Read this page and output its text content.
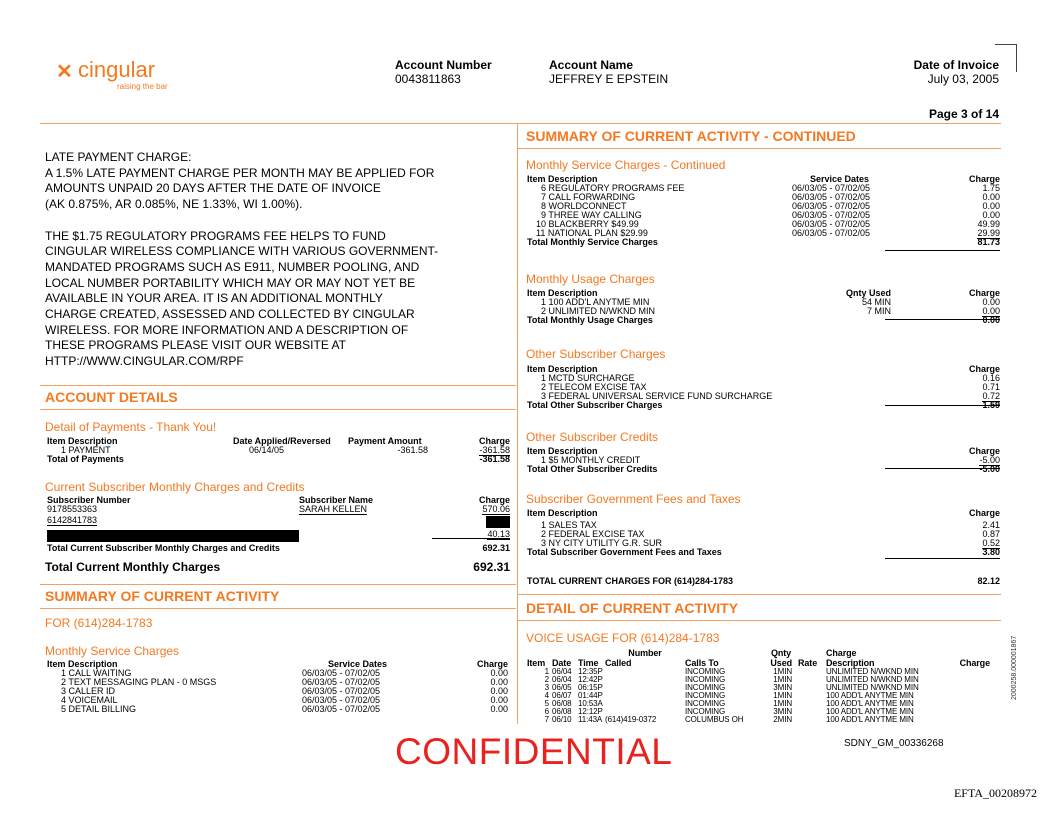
✕ cingular
raising the bar
Account Number
0043811863
Account Name
JEFFREY E EPSTEIN
Date of Invoice
July 03, 2005
Page 3 of 14

LATE PAYMENT CHARGE:

A 1.5% LATE PAYMENT CHARGE PER MONTH MAY BE APPLIED FOR

AMOUNTS UNPAID 20 DAYS AFTER THE DATE OF INVOICE

(AK 0.875%, AR 0.085%, NE 1.33%, WI 1.00%).

THE $1.75 REGULATORY PROGRAMS FEE HELPS TO FUND

CINGULAR WIRELESS COMPLIANCE WITH VARIOUS GOVERNMENT-

MANDATED PROGRAMS SUCH AS E911, NUMBER POOLING, AND

LOCAL NUMBER PORTABILITY WHICH MAY OR MAY NOT YET BE

AVAILABLE IN YOUR AREA. IT IS AN ADDITIONAL MONTHLY

CHARGE CREATED, ASSESSED AND COLLECTED BY CINGULAR

WIRELESS. FOR MORE INFORMATION AND A DESCRIPTION OF

THESE PROGRAMS PLEASE VISIT OUR WEBSITE AT

HTTP://WWW.CINGULAR.COM/RPF

ACCOUNT DETAILS
Detail of Payments - Thank You!
Item Description	Date Applied/Reversed	Payment Amount	Charge
1 PAYMENT	06/14/05	-361.58	-361.58
Total of Payments			-361.58
Current Subscriber Monthly Charges and Credits
Subscriber Number	Subscriber Name	Charge
9178553363	SARAH KELLEN	570.06
6142841783		
		40.13
Total Current Subscriber Monthly Charges and Credits		692.31
Total Current Monthly Charges	692.31
SUMMARY OF CURRENT ACTIVITY
FOR (614)284-1783
Monthly Service Charges
Item Description	Service Dates	Charge
1 CALL WAITING	06/03/05 - 07/02/05	0.00
2 TEXT MESSAGING PLAN - 0 MSGS	06/03/05 - 07/02/05	0.00
3 CALLER ID	06/03/05 - 07/02/05	0.00
4 VOICEMAIL	06/03/05 - 07/02/05	0.00
5 DETAIL BILLING	06/03/05 - 07/02/05	0.00
SUMMARY OF CURRENT ACTIVITY - CONTINUED
Monthly Service Charges - Continued
Item Description	Service Dates	Charge
6 REGULATORY PROGRAMS FEE	06/03/05 - 07/02/05	1.75
7 CALL FORWARDING	06/03/05 - 07/02/05	0.00
8 WORLDCONNECT	06/03/05 - 07/02/05	0.00
9 THREE WAY CALLING	06/03/05 - 07/02/05	0.00
10 BLACKBERRY $49.99	06/03/05 - 07/02/05	49.99
11 NATIONAL PLAN $29.99	06/03/05 - 07/02/05	29.99
Total Monthly Service Charges		81.73
Monthly Usage Charges
Item Description	Qnty Used	Charge
1 100 ADD'L ANYTME MIN	54 MIN	0.00
2 UNLIMITED N/WKND MIN	7 MIN	0.00
Total Monthly Usage Charges		0.00
Other Subscriber Charges
Item Description	Charge
1 MCTD SURCHARGE	0.16
2 TELECOM EXCISE TAX	0.71
3 FEDERAL UNIVERSAL SERVICE FUND SURCHARGE	0.72
Total Other Subscriber Charges	1.59
Other Subscriber Credits
Item Description	Charge
1 $5 MONTHLY CREDIT	-5.00
Total Other Subscriber Credits	-5.00
Subscriber Government Fees and Taxes
Item Description	Charge
1 SALES TAX	2.41
2 FEDERAL EXCISE TAX	0.87
3 NY CITY UTILITY G.R. SUR	0.52
Total Subscriber Government Fees and Taxes	3.80
TOTAL CURRENT CHARGES FOR (614)284-1783	82.12
DETAIL OF CURRENT ACTIVITY
VOICE USAGE FOR (614)284-1783
			Number		Qnty		Charge	
Item	Date	Time	Called	Calls To	Used	Rate	Description	Charge
1	06/04	12:35P		INCOMING	1MIN		UNLIMITED N/WKND MIN	
2	06/04	12:42P		INCOMING	1MIN		UNLIMITED N/WKND MIN	
3	06/05	06:15P		INCOMING	3MIN		UNLIMITED N/WKND MIN	
4	06/07	01:44P		INCOMING	1MIN		100 ADD'L ANYTME MIN	
5	06/08	10:53A		INCOMING	1MIN		100 ADD'L ANYTME MIN	
6	06/08	12:12P		INCOMING	3MIN		100 ADD'L ANYTME MIN	
7	06/10	11:43A	(614)419-0372	COLUMBUS OH	2MIN		100 ADD'L ANYTME MIN	
2000258.000001867
CONFIDENTIAL	SDNY_GM_00336268
EFTA_00208972
